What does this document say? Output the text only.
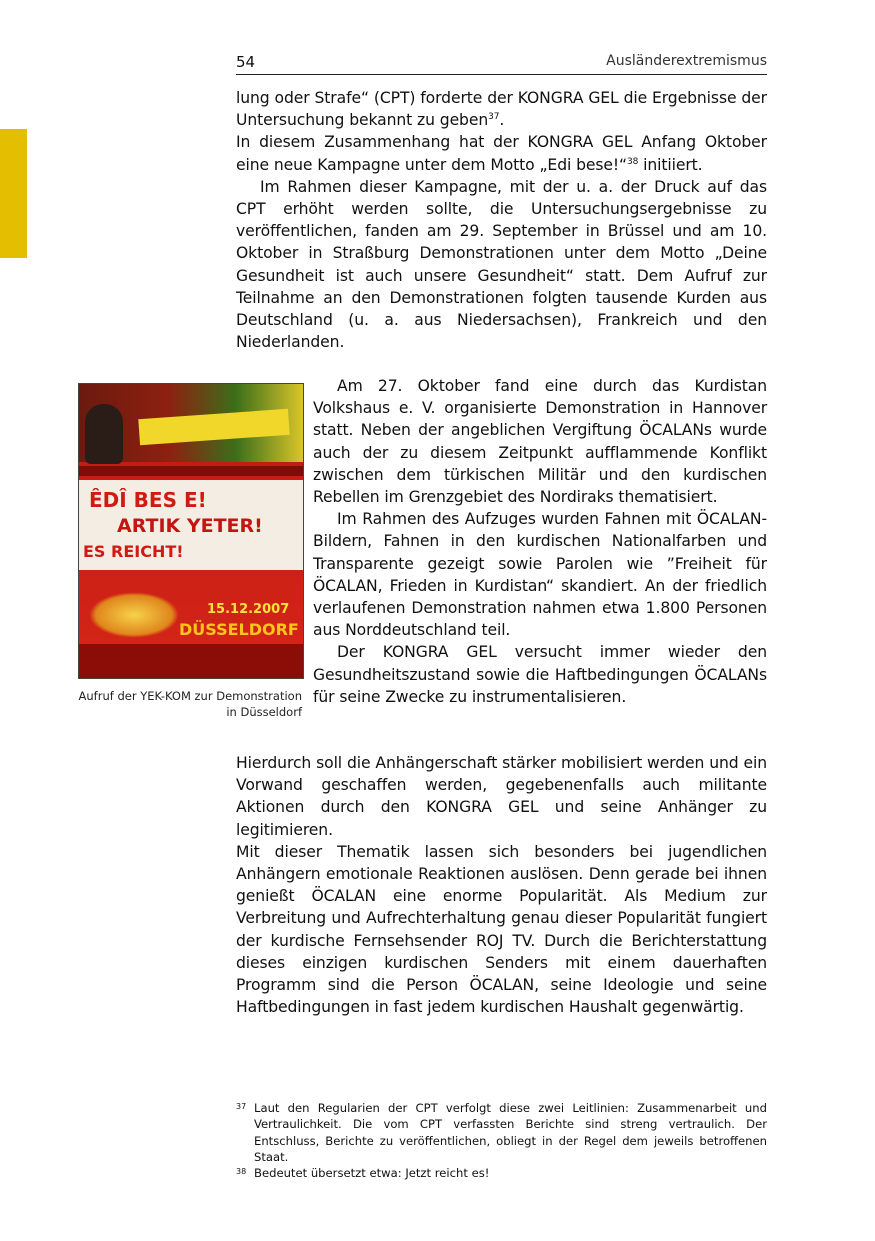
54	Ausländerextremismus

lung oder Strafe“ (CPT) forderte der KONGRA GEL die Ergebnisse der Untersuchung bekannt zu geben$^{37}$.

In diesem Zusammenhang hat der KONGRA GEL Anfang Oktober eine neue Kampagne unter dem Motto „Edi bese!“$^{38}$ initiiert.

Im Rahmen dieser Kampagne, mit der u. a. der Druck auf das CPT erhöht werden sollte, die Untersuchungsergebnisse zu veröffentlichen, fanden am 29. September in Brüssel und am 10. Oktober in Straßburg Demonstrationen unter dem Motto „Deine Gesundheit ist auch unsere Gesundheit“ statt. Dem Aufruf zur Teilnahme an den Demonstrationen folgten tausende Kurden aus Deutschland (u. a. aus Niedersachsen), Frankreich und den Niederlanden.

ÊDÎ BES E!
ARTIK YETER!
ES REICHT!
15.12.2007
DÜSSELDORF
Aufruf der YEK-KOM zur Demonstration in Düsseldorf

Am 27. Oktober fand eine durch das Kurdistan Volkshaus e. V. organisierte Demonstration in Hannover statt. Neben der angeblichen Vergiftung ÖCALANs wurde auch der zu diesem Zeitpunkt aufflammende Konflikt zwischen dem türkischen Militär und den kurdischen Rebellen im Grenzgebiet des Nordiraks thematisiert.

Im Rahmen des Aufzuges wurden Fahnen mit ÖCALAN-Bildern, Fahnen in den kurdischen Nationalfarben und Transparente gezeigt sowie Parolen wie ”Freiheit für ÖCALAN, Frieden in Kurdistan“ skandiert. An der friedlich verlaufenen Demonstration nahmen etwa 1.800 Personen aus Norddeutschland teil.

Der KONGRA GEL versucht immer wieder den Gesundheitszustand sowie die Haftbedingungen ÖCALANs für seine Zwecke zu instrumentalisieren.

Hierdurch soll die Anhängerschaft stärker mobilisiert werden und ein Vorwand geschaffen werden, gegebenenfalls auch militante Aktionen durch den KONGRA GEL und seine Anhänger zu legitimieren.

Mit dieser Thematik lassen sich besonders bei jugendlichen Anhängern emotionale Reaktionen auslösen. Denn gerade bei ihnen genießt ÖCALAN eine enorme Popularität. Als Medium zur Verbreitung und Aufrechterhaltung genau dieser Popularität fungiert der kurdische Fernsehsender ROJ TV. Durch die Berichterstattung dieses einzigen kurdischen Senders mit einem dauerhaften Programm sind die Person ÖCALAN, seine Ideologie und seine Haftbedingungen in fast jedem kurdischen Haushalt gegenwärtig.

37 Laut den Regularien der CPT verfolgt diese zwei Leitlinien: Zusammenarbeit und Vertraulichkeit. Die vom CPT verfassten Berichte sind streng vertraulich. Der Entschluss, Berichte zu veröffentlichen, obliegt in der Regel dem jeweils betroffenen Staat.
38 Bedeutet übersetzt etwa: Jetzt reicht es!
